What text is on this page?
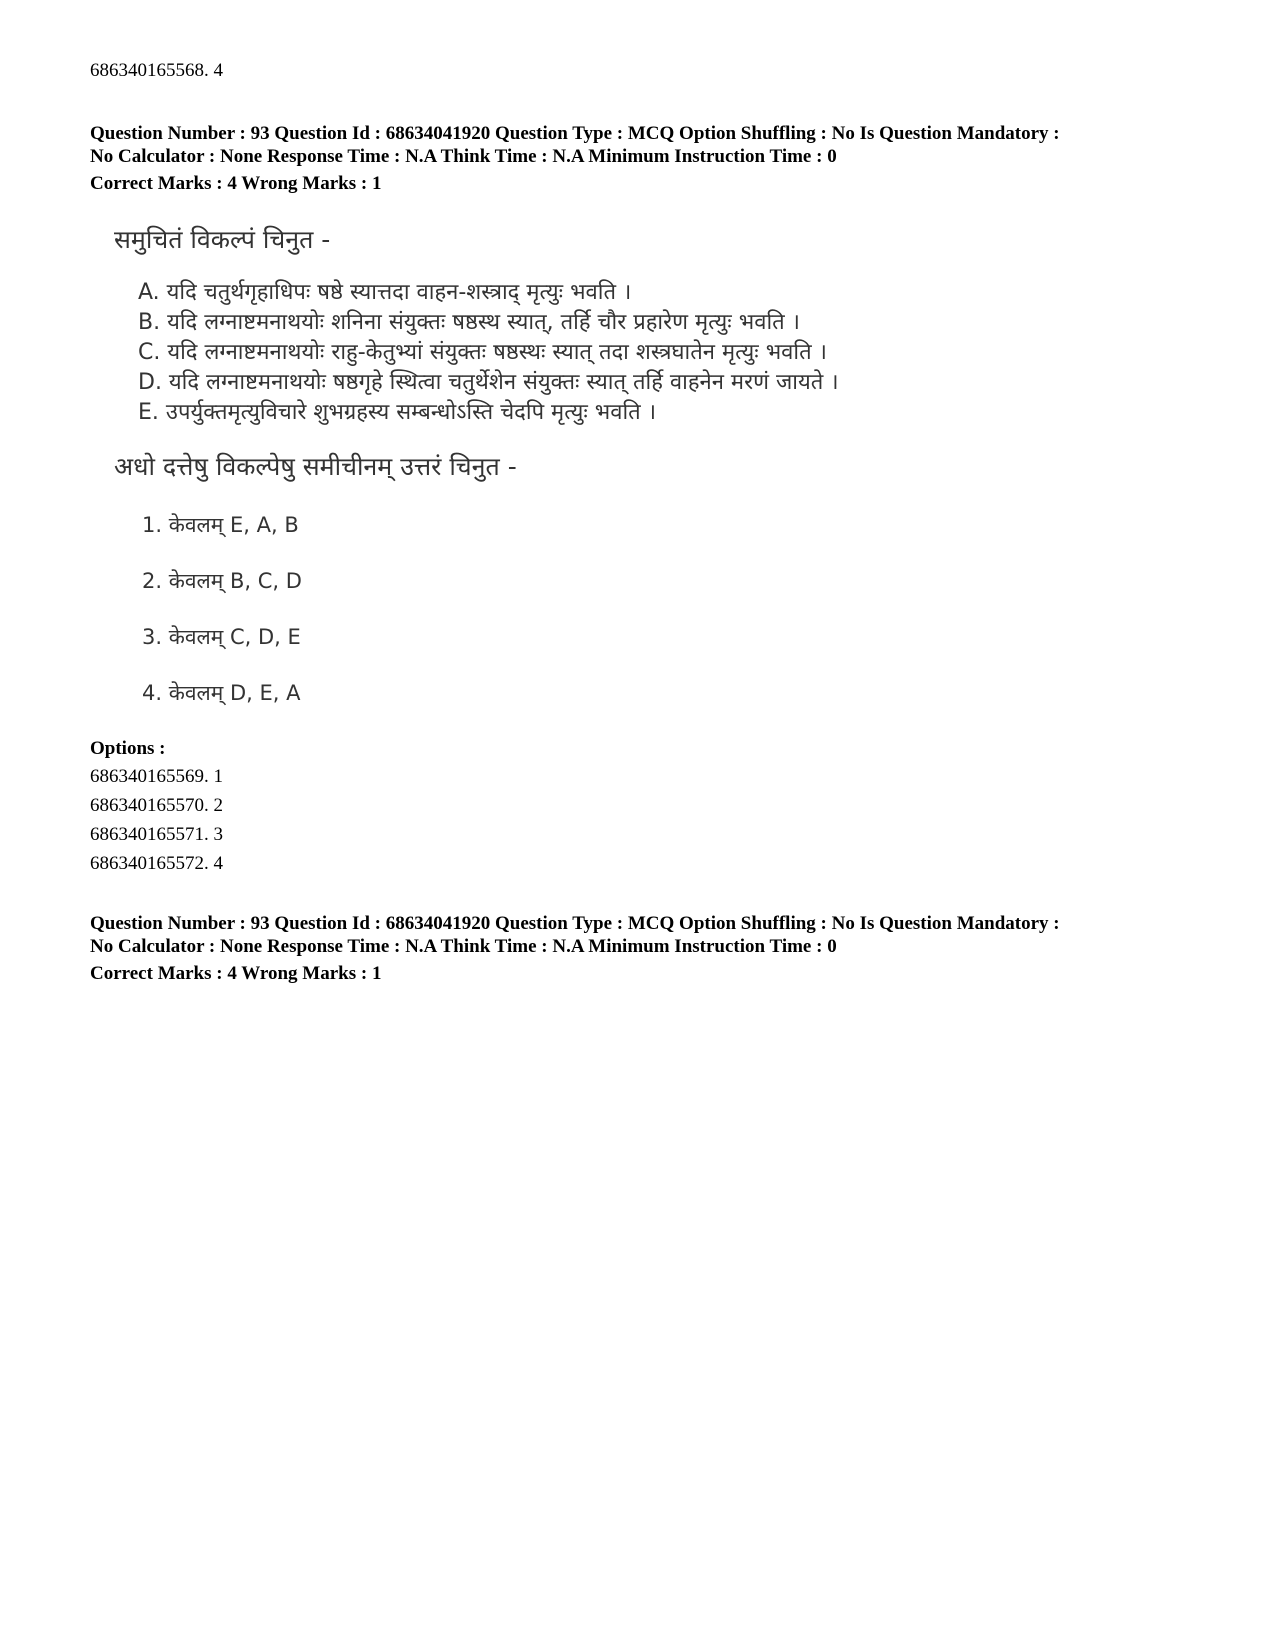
686340165568. 4
Question Number : 93 Question Id : 68634041920 Question Type : MCQ Option Shuffling : No Is Question Mandatory :
No Calculator : None Response Time : N.A Think Time : N.A Minimum Instruction Time : 0
Correct Marks : 4 Wrong Marks : 1
समुचितं विकल्पं चिनुत -
A. यदि चतुर्थगृहाधिपः षष्ठे स्यात्तदा वाहन-शस्त्राद् मृत्युः भवति ।
B. यदि लग्नाष्टमनाथयोः शनिना संयुक्तः षष्ठस्थ स्यात्, तर्हि चौर प्रहारेण मृत्युः भवति ।
C. यदि लग्नाष्टमनाथयोः राहु-केतुभ्यां संयुक्तः षष्ठस्थः स्यात् तदा शस्त्रघातेन मृत्युः भवति ।
D. यदि लग्नाष्टमनाथयोः षष्ठगृहे स्थित्वा चतुर्थेशेन संयुक्तः स्यात् तर्हि वाहनेन मरणं जायते ।
E. उपर्युक्तमृत्युविचारे शुभग्रहस्य सम्बन्धोऽस्ति चेदपि मृत्युः भवति ।
अधो दत्तेषु विकल्पेषु समीचीनम् उत्तरं चिनुत -
1. केवलम् E, A, B
2. केवलम् B, C, D
3. केवलम् C, D, E
4. केवलम् D, E, A
Options :
686340165569. 1
686340165570. 2
686340165571. 3
686340165572. 4
Question Number : 93 Question Id : 68634041920 Question Type : MCQ Option Shuffling : No Is Question Mandatory :
No Calculator : None Response Time : N.A Think Time : N.A Minimum Instruction Time : 0
Correct Marks : 4 Wrong Marks : 1
